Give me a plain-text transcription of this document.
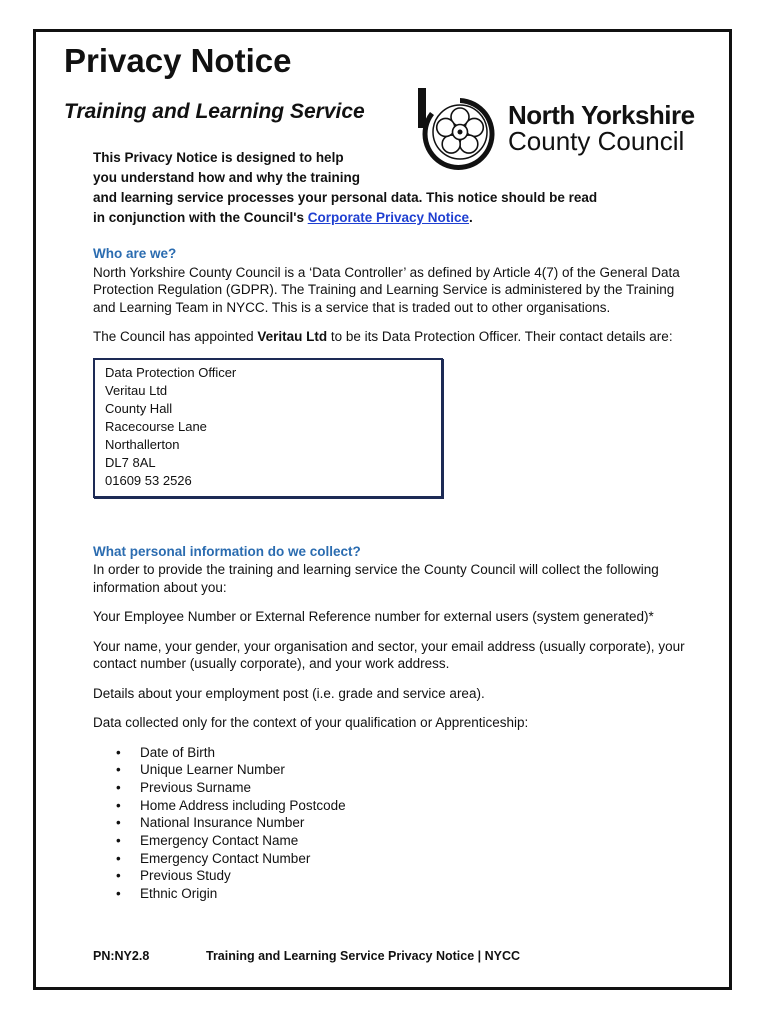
Privacy Notice
Training and Learning Service	North Yorkshire
County Council

This Privacy Notice is designed to help
you understand how and why the training
and learning service processes your personal data. This notice should be read
in conjunction with the Council's Corporate Privacy Notice.

Who are we?

North Yorkshire County Council is a ‘Data Controller’ as defined by Article 4(7) of the General Data Protection Regulation (GDPR). The Training and Learning Service is administered by the Training and Learning Team in NYCC. This is a service that is traded out to other organisations.

The Council has appointed Veritau Ltd to be its Data Protection Officer. Their contact details are:

Data Protection Officer
Veritau Ltd
County Hall
Racecourse Lane
Northallerton
DL7 8AL
01609 53 2526
What personal information do we collect?

In order to provide the training and learning service the County Council will collect the following information about you:

Your Employee Number or External Reference number for external users (system generated)*

Your name, your gender, your organisation and sector, your email address (usually corporate), your contact number (usually corporate), and your work address.

Details about your employment post (i.e. grade and service area).

Data collected only for the context of your qualification or Apprenticeship:

• Date of Birth
• Unique Learner Number
• Previous Surname
• Home Address including Postcode
• National Insurance Number
• Emergency Contact Name
• Emergency Contact Number
• Previous Study
• Ethnic Origin
PN:NY2.8	Training and Learning Service Privacy Notice | NYCC
